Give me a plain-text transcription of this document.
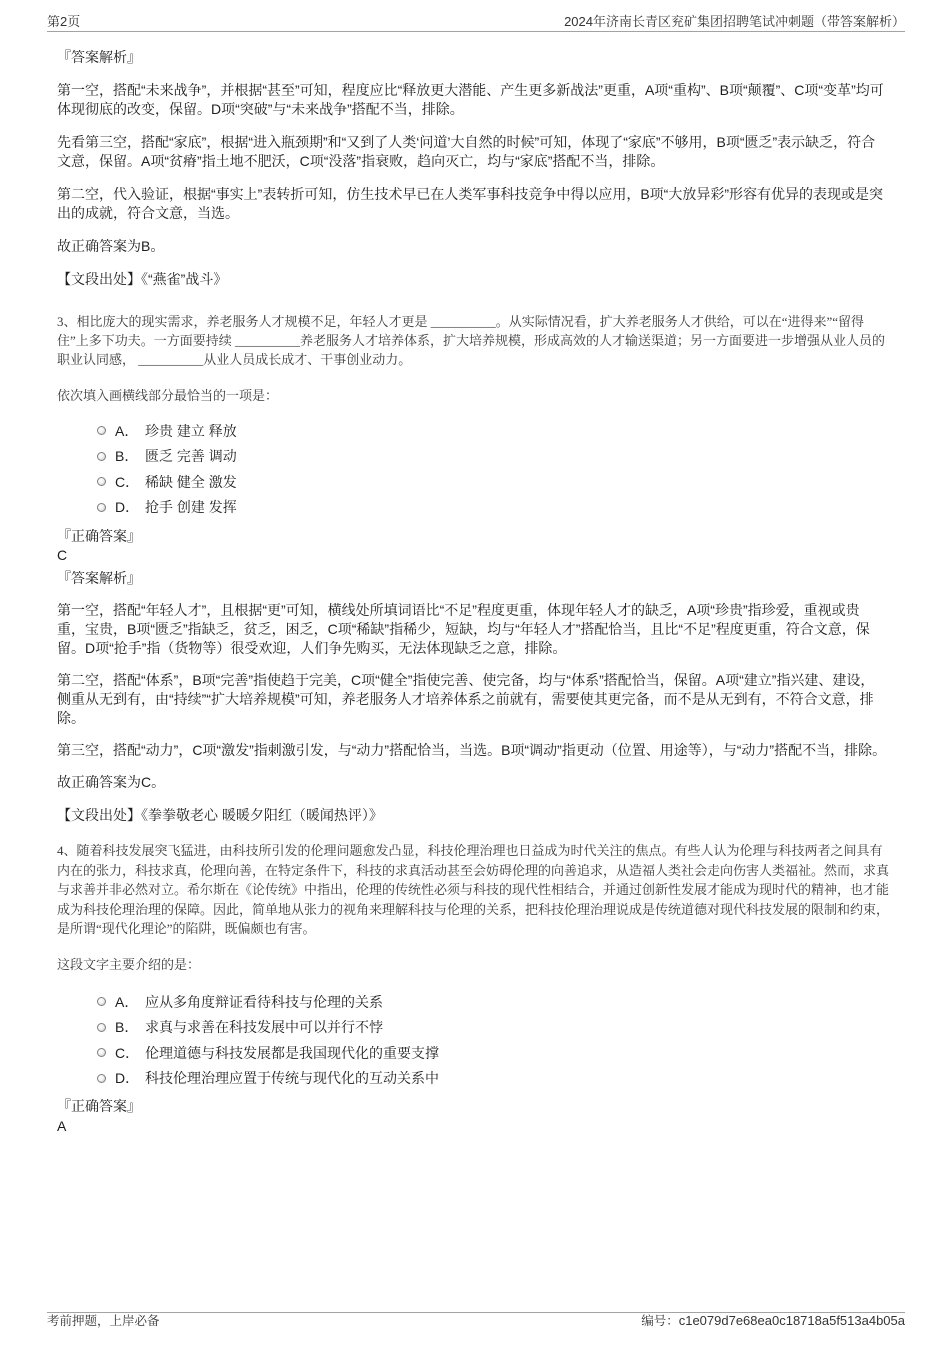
第2页	2024年济南长青区兖矿集团招聘笔试冲刺题（带答案解析）
『答案解析』
第一空，搭配“未来战争”，并根据“甚至”可知，程度应比“释放更大潜能、产生更多新战法”更重，A项“重构”、B项“颠覆”、C项“变革”均可体现彻底的改变，保留。D项“突破”与“未来战争”搭配不当，排除。
先看第三空，搭配“家底”，根据“进入瓶颈期”和“又到了人类‘问道’大自然的时候”可知，体现了“家底”不够用，B项“匮乏”表示缺乏，符合文意，保留。A项“贫瘠”指土地不肥沃，C项“没落”指衰败，趋向灭亡，均与“家底”搭配不当，排除。
第二空，代入验证，根据“事实上”表转折可知，仿生技术早已在人类军事科技竞争中得以应用，B项“大放异彩”形容有优异的表现或是突出的成就，符合文意，当选。
故正确答案为B。
【文段出处】《“燕雀”战斗》
3、相比庞大的现实需求，养老服务人才规模不足，年轻人才更是 __________。从实际情况看，扩大养老服务人才供给，可以在“进得来”“留得住”上多下功夫。一方面要持续 __________养老服务人才培养体系，扩大培养规模，形成高效的人才输送渠道；另一方面要进一步增强从业人员的职业认同感， __________从业人员成长成才、干事创业动力。
依次填入画横线部分最恰当的一项是：
A． 珍贵 建立 释放
B． 匮乏 完善 调动
C． 稀缺 健全 激发
D． 抢手 创建 发挥
『正确答案』
C
『答案解析』
第一空，搭配“年轻人才”，且根据“更”可知，横线处所填词语比“不足”程度更重，体现年轻人才的缺乏，A项“珍贵”指珍爱，重视或贵重，宝贵，B项“匮乏”指缺乏，贫乏，困乏，C项“稀缺”指稀少，短缺，均与“年轻人才”搭配恰当，且比“不足”程度更重，符合文意，保留。D项“抢手”指（货物等）很受欢迎，人们争先购买，无法体现缺乏之意，排除。
第二空，搭配“体系”，B项“完善”指使趋于完美，C项“健全”指使完善、使完备，均与“体系”搭配恰当，保留。A项“建立”指兴建、建设，侧重从无到有，由“持续”“扩大培养规模”可知，养老服务人才培养体系之前就有，需要使其更完备，而不是从无到有，不符合文意，排除。
第三空，搭配“动力”，C项“激发”指刺激引发，与“动力”搭配恰当，当选。B项“调动”指更动（位置、用途等），与“动力”搭配不当，排除。
故正确答案为C。
【文段出处】《拳拳敬老心 暖暖夕阳红（暖闻热评）》
4、随着科技发展突飞猛进，由科技所引发的伦理问题愈发凸显，科技伦理治理也日益成为时代关注的焦点。有些人认为伦理与科技两者之间具有内在的张力，科技求真，伦理向善，在特定条件下，科技的求真活动甚至会妨碍伦理的向善追求，从造福人类社会走向伤害人类福祉。然而，求真与求善并非必然对立。希尔斯在《论传统》中指出，伦理的传统性必须与科技的现代性相结合，并通过创新性发展才能成为现时代的精神，也才能成为科技伦理治理的保障。因此，简单地从张力的视角来理解科技与伦理的关系，把科技伦理治理说成是传统道德对现代科技发展的限制和约束，是所谓“现代化理论”的陷阱，既偏颇也有害。
这段文字主要介绍的是：
A． 应从多角度辩证看待科技与伦理的关系
B． 求真与求善在科技发展中可以并行不悖
C． 伦理道德与科技发展都是我国现代化的重要支撑
D． 科技伦理治理应置于传统与现代化的互动关系中
『正确答案』
A
考前押题，上岸必备	编号：c1e079d7e68ea0c18718a5f513a4b05a
